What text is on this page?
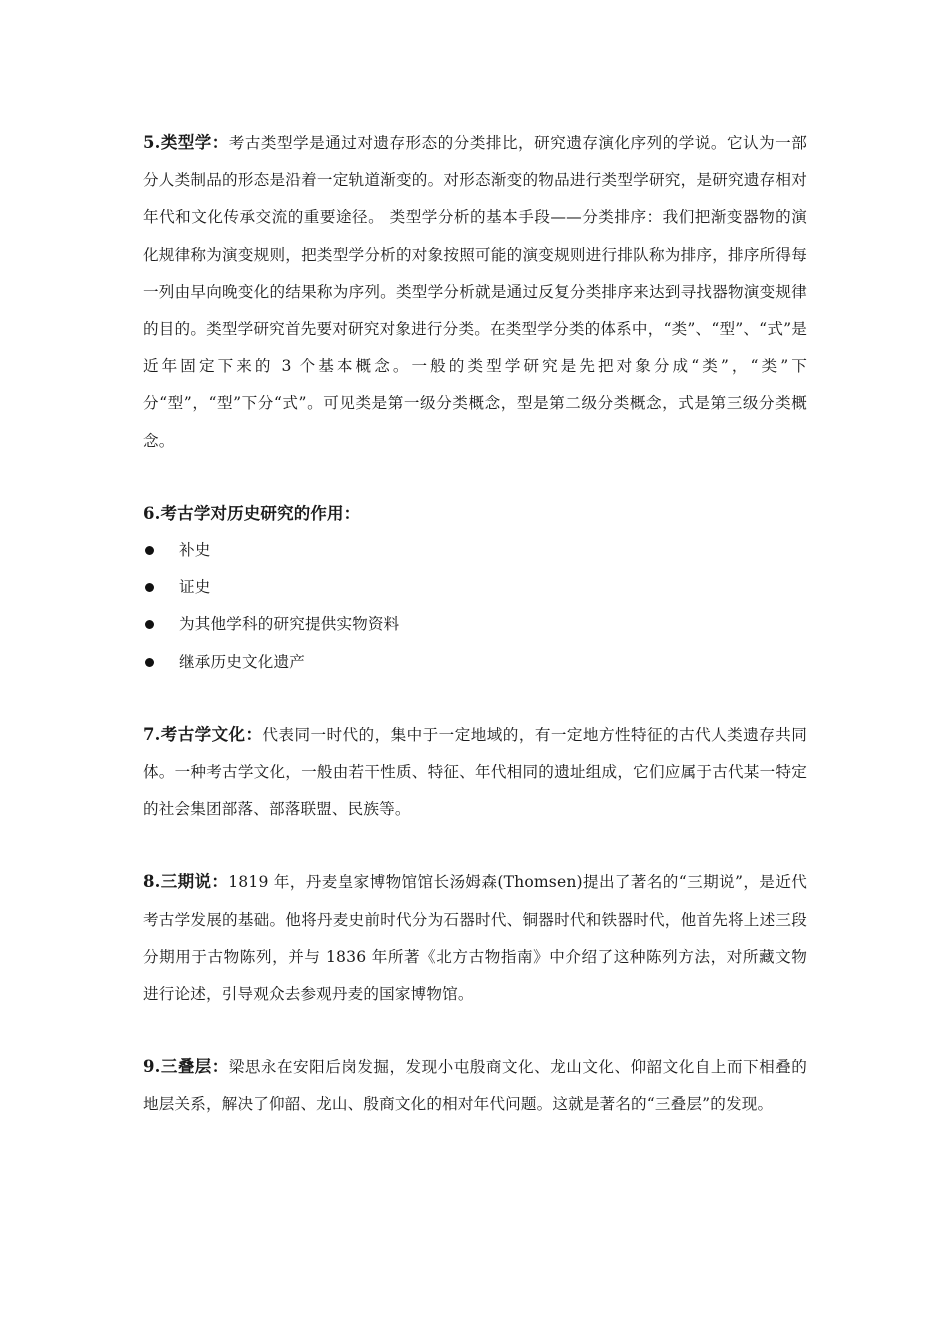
5.类型学：考古类型学是通过对遗存形态的分类排比，研究遗存演化序列的学说。它认为一部分人类制品的形态是沿着一定轨道渐变的。对形态渐变的物品进行类型学研究，是研究遗存相对年代和文化传承交流的重要途径。 类型学分析的基本手段——分类排序：我们把渐变器物的演化规律称为演变规则，把类型学分析的对象按照可能的演变规则进行排队称为排序，排序所得每一列由早向晚变化的结果称为序列。类型学分析就是通过反复分类排序来达到寻找器物演变规律的目的。类型学研究首先要对研究对象进行分类。在类型学分类的体系中，“类”、“型”、“式”是近年固定下来的 3 个基本概念。一般的类型学研究是先把对象分成“类”，“类”下分“型”，“型”下分“式”。可见类是第一级分类概念，型是第二级分类概念，式是第三级分类概念。

6.考古学对历史研究的作用：

补史
证史
为其他学科的研究提供实物资料
继承历史文化遗产

7.考古学文化：代表同一时代的，集中于一定地域的，有一定地方性特征的古代人类遗存共同体。一种考古学文化，一般由若干性质、特征、年代相同的遗址组成，它们应属于古代某一特定的社会集团部落、部落联盟、民族等。

8.三期说：1819 年，丹麦皇家博物馆馆长汤姆森(Thomsen)提出了著名的“三期说”，是近代考古学发展的基础。他将丹麦史前时代分为石器时代、铜器时代和铁器时代，他首先将上述三段分期用于古物陈列，并与 1836 年所著《北方古物指南》中介绍了这种陈列方法，对所藏文物进行论述，引导观众去参观丹麦的国家博物馆。

9.三叠层：梁思永在安阳后岗发掘，发现小屯殷商文化、龙山文化、仰韶文化自上而下相叠的地层关系，解决了仰韶、龙山、殷商文化的相对年代问题。这就是著名的“三叠层”的发现。
